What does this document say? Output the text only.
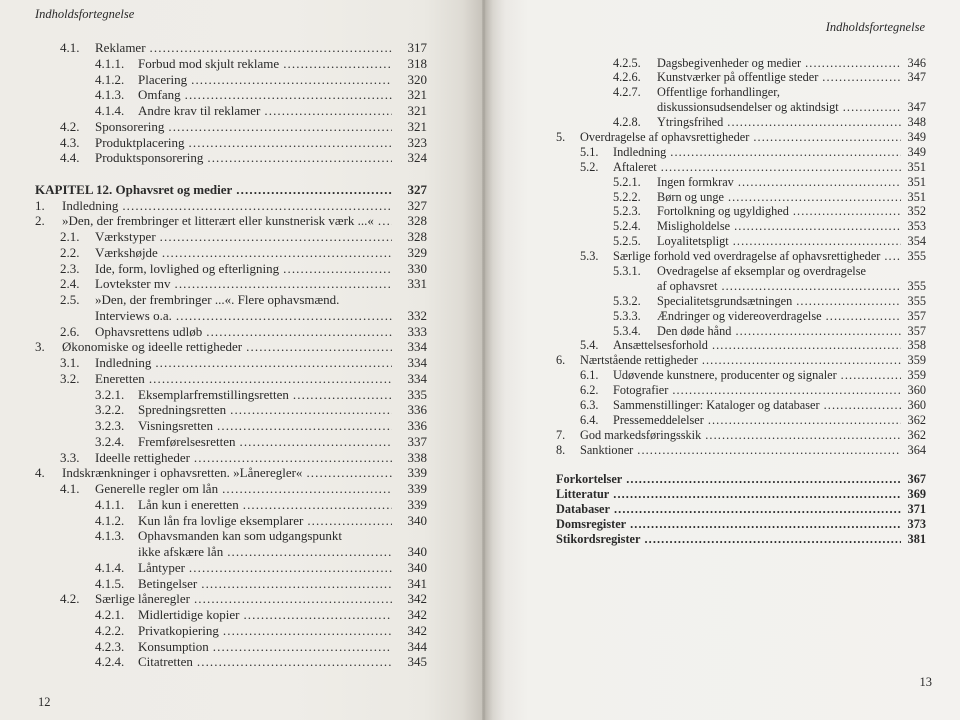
Indholdsfortegnelse
4.1. Reklamer .....	317
4.1.1. Forbud mod skjult reklame .....	318
4.1.2. Placering .....	320
4.1.3. Omfang .....	321
4.1.4. Andre krav til reklamer .....	321
4.2. Sponsorering .....	321
4.3. Produktplacering .....	323
4.4. Produktsponsorering .....	324
KAPITEL 12. Ophavsret og medier .....	327
1. Indledning .....	327
2. »Den, der frembringer et litterært eller kunstnerisk værk ...« .....	328
2.1. Værkstyper .....	328
2.2. Værkshøjde .....	329
2.3. Ide, form, lovlighed og efterligning .....	330
2.4. Lovtekster mv .....	331
2.5. »Den, der frembringer ...«. Flere ophavsmænd.
Interviews o.a. .....	332
2.6. Ophavsrettens udløb .....	333
3. Økonomiske og ideelle rettigheder .....	334
3.1. Indledning .....	334
3.2. Eneretten .....	334
3.2.1. Eksemplarfremstillingsretten .....	335
3.2.2. Spredningsretten .....	336
3.2.3. Visningsretten .....	336
3.2.4. Fremførelsesretten .....	337
3.3. Ideelle rettigheder .....	338
4. Indskrænkninger i ophavsretten. »Låneregler« .....	339
4.1. Generelle regler om lån .....	339
4.1.1. Lån kun i eneretten .....	339
4.1.2. Kun lån fra lovlige eksemplarer .....	340
4.1.3. Ophavsmanden kan som udgangspunkt
ikke afskære lån .....	340
4.1.4. Låntyper .....	340
4.1.5. Betingelser .....	341
4.2. Særlige låneregler .....	342
4.2.1. Midlertidige kopier .....	342
4.2.2. Privatkopiering .....	342
4.2.3. Konsumption .....	344
4.2.4. Citatretten .....	345
12
Indholdsfortegnelse
4.2.5. Dagsbegivenheder og medier .....	346
4.2.6. Kunstværker på offentlige steder .....	347
4.2.7. Offentlige forhandlinger,
diskussionsudsendelser og aktindsigt .....	347
4.2.8. Ytringsfrihed .....	348
5. Overdragelse af ophavsrettigheder .....	349
5.1. Indledning .....	349
5.2. Aftaleret .....	351
5.2.1. Ingen formkrav .....	351
5.2.2. Børn og unge .....	351
5.2.3. Fortolkning og ugyldighed .....	352
5.2.4. Misligholdelse .....	353
5.2.5. Loyalitetspligt .....	354
5.3. Særlige forhold ved overdragelse af ophavsrettigheder ..... 355
5.3.1. Ovedragelse af eksemplar og overdragelse
af ophavsret .....	355
5.3.2. Specialitetsgrundsætningen .....	355
5.3.3. Ændringer og videreoverdragelse .....	357
5.3.4. Den døde hånd .....	357
5.4. Ansættelsesforhold .....	358
6. Nærtstående rettigheder .....	359
6.1. Udøvende kunstnere, producenter og signaler .....	359
6.2. Fotografier .....	360
6.3. Sammenstillinger: Kataloger og databaser .....	360
6.4. Pressemeddelelser .....	362
7. God markedsføringsskik .....	362
8. Sanktioner .....	364
Forkortelser .....	367
Litteratur .....	369
Databaser .....	371
Domsregister .....	373
Stikordsregister .....	381
13
